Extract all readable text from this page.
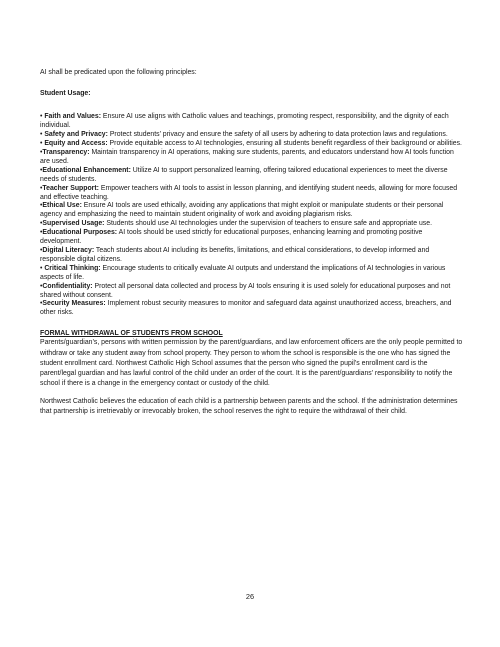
AI shall be predicated upon the following principles:

Student Usage:

• Faith and Values: Ensure AI use aligns with Catholic values and teachings, promoting respect, responsibility, and the dignity of each individual.
• Safety and Privacy: Protect students’ privacy and ensure the safety of all users by adhering to data protection laws and regulations.
• Equity and Access: Provide equitable access to AI technologies, ensuring all students benefit regardless of their background or abilities.
•Transparency: Maintain transparency in AI operations, making sure students, parents, and educators understand how AI tools function are used.
•Educational Enhancement: Utilize AI to support personalized learning, offering tailored educational experiences to meet the diverse needs of students.
•Teacher Support: Empower teachers with AI tools to assist in lesson planning, and identifying student needs, allowing for more focused and effective teaching.
•Ethical Use: Ensure AI tools are used ethically, avoiding any applications that might exploit or manipulate students or their personal agency and emphasizing the need to maintain student originality of work and avoiding plagiarism risks.
•Supervised Usage: Students should use AI technologies under the supervision of teachers to ensure safe and appropriate use.
•Educational Purposes: AI tools should be used strictly for educational purposes, enhancing learning and promoting positive development.
•Digital Literacy: Teach students about AI including its benefits, limitations, and ethical considerations, to develop informed and responsible digital citizens.
• Critical Thinking: Encourage students to critically evaluate AI outputs and understand the implications of AI technologies in various aspects of life.
•Confidentiality: Protect all personal data collected and process by AI tools ensuring it is used solely for educational purposes and not shared without consent.
•Security Measures: Implement robust security measures to monitor and safeguard data against unauthorized access, breachers, and other risks.

FORMAL WITHDRAWAL OF STUDENTS FROM SCHOOL

Parents/guardian’s, persons with written permission by the parent/guardians, and law enforcement officers are the only people permitted to withdraw or take any student away from school property. They person to whom the school is responsible is the one who has signed the student enrollment card. Northwest Catholic High School assumes that the person who signed the pupil’s enrollment card is the parent/legal guardian and has lawful control of the child under an order of the court. It is the parent/guardians’ responsibility to notify the school if there is a change in the emergency contact or custody of the child.

Northwest Catholic believes the education of each child is a partnership between parents and the school. If the administration determines that partnership is irretrievably or irrevocably broken, the school reserves the right to require the withdrawal of their child.

26
